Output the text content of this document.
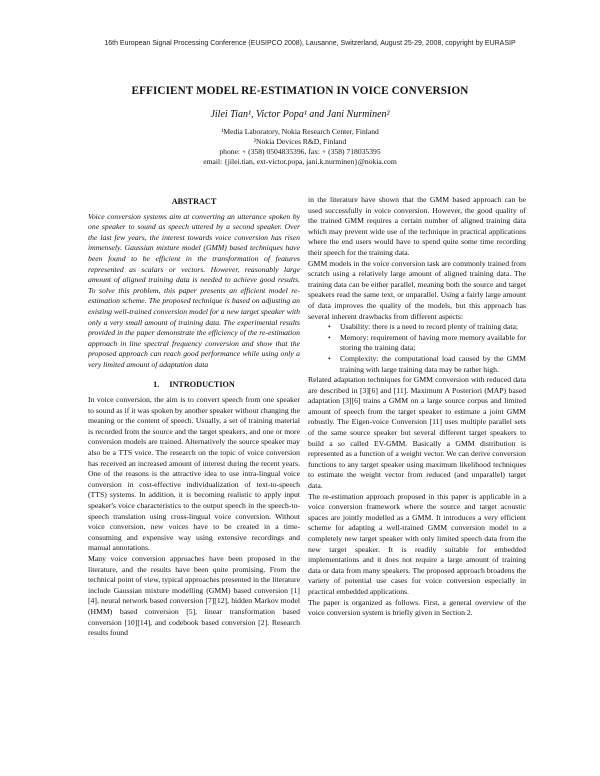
16th European Signal Processing Conference (EUSIPCO 2008), Lausanne, Switzerland, August 25-29, 2008, copyright by EURASIP
EFFICIENT MODEL RE-ESTIMATION IN VOICE CONVERSION
Jilei Tian¹, Victor Popa¹ and Jani Nurminen²
¹Media Laboratory, Nokia Research Center, Finland
²Nokia Devices R&D, Finland
phone: + (358) 0504835396, fax: + (358) 718035395
email: {jilei.tian, ext-victor.popa, jani.k.nurminen}@nokia.com
ABSTRACT

Voice conversion systems aim at converting an utterance spoken by one speaker to sound as speech uttered by a second speaker. Over the last few years, the interest towards voice conversion has risen immensely. Gaussian mixture model (GMM) based techniques have been found to be efficient in the transformation of features represented as scalars or vectors. However, reasonably large amount of aligned training data is needed to achieve good results. To solve this problem, this paper presents an efficient model re-estimation scheme. The proposed technique is based on adjusting an existing well-trained conversion model for a new target speaker with only a very small amount of training data. The experimental results provided in the paper demonstrate the efficiency of the re-estimation approach in line spectral frequency conversion and show that the proposed approach can reach good performance while using only a very limited amount of adaptation data

1. INTRODUCTION

In voice conversion, the aim is to convert speech from one speaker to sound as if it was spoken by another speaker without changing the meaning or the content of speech. Usually, a set of training material is recorded from the source and the target speakers, and one or more conversion models are trained. Alternatively the source speaker may also be a TTS voice. The research on the topic of voice conversion has received an increased amount of interest during the recent years. One of the reasons is the attractive idea to use intra-lingual voice conversion in cost-effective individualization of text-to-speech (TTS) systems. In addition, it is becoming realistic to apply input speaker's voice characteristics to the output speech in the speech-to-speech translation using cross-lingual voice conversion. Without voice conversion, new voices have to be created in a time-consuming and expensive way using extensive recordings and manual annotations.

Many voice conversion approaches have been proposed in the literature, and the results have been quite promising. From the technical point of view, typical approaches presented in the literature include Gaussian mixture modelling (GMM) based conversion [1][4], neural network based conversion [7][12], hidden Markov model (HMM) based conversion [5], linear transformation based conversion [10][14], and codebook based conversion [2]. Research results found

in the literature have shown that the GMM based approach can be used successfully in voice conversion. However, the good quality of the trained GMM requires a certain number of aligned training data which may prevent wide use of the technique in practical applications where the end users would have to spend quite some time recording their speech for the training data.

GMM models in the voice conversion task are commonly trained from scratch using a relatively large amount of aligned training data. The training data can be either parallel, meaning both the source and target speakers read the same text, or unparallel. Using a fairly large amount of data improves the quality of the models, but this approach has several inherent drawbacks from different aspects:

• Usability: there is a need to record plenty of training data;
• Memory: requirement of having more memory available for storing the training data;
• Complexity: the computational load caused by the GMM training with large training data may be rather high.

Related adaptation techniques for GMM conversion with reduced data are described in [3][6] and [11]. Maximum A Posteriori (MAP) based adaptation [3][6] trains a GMM on a large source corpus and limited amount of speech from the target speaker to estimate a joint GMM robustly. The Eigen-voice Conversion [11] uses multiple parallel sets of the same source speaker but several different target speakers to build a so called EV-GMM. Basically a GMM distribution is represented as a function of a weight vector. We can derive conversion functions to any target speaker using maximum likelihood techniques to estimate the weight vector from reduced (and unparallel) target data.

The re-estimation approach proposed in this paper is applicable in a voice conversion framework where the source and target acoustic spaces are jointly modelled as a GMM. It introduces a very efficient scheme for adapting a well-trained GMM conversion model to a completely new target speaker with only limited speech data from the new target speaker. It is readily suitable for embedded implementations and it does not require a large amount of training data or data from many speakers. The proposed approach broadens the variety of potential use cases for voice conversion especially in practical embedded applications.

The paper is organized as follows. First, a general overview of the voice conversion system is briefly given in Section 2.
